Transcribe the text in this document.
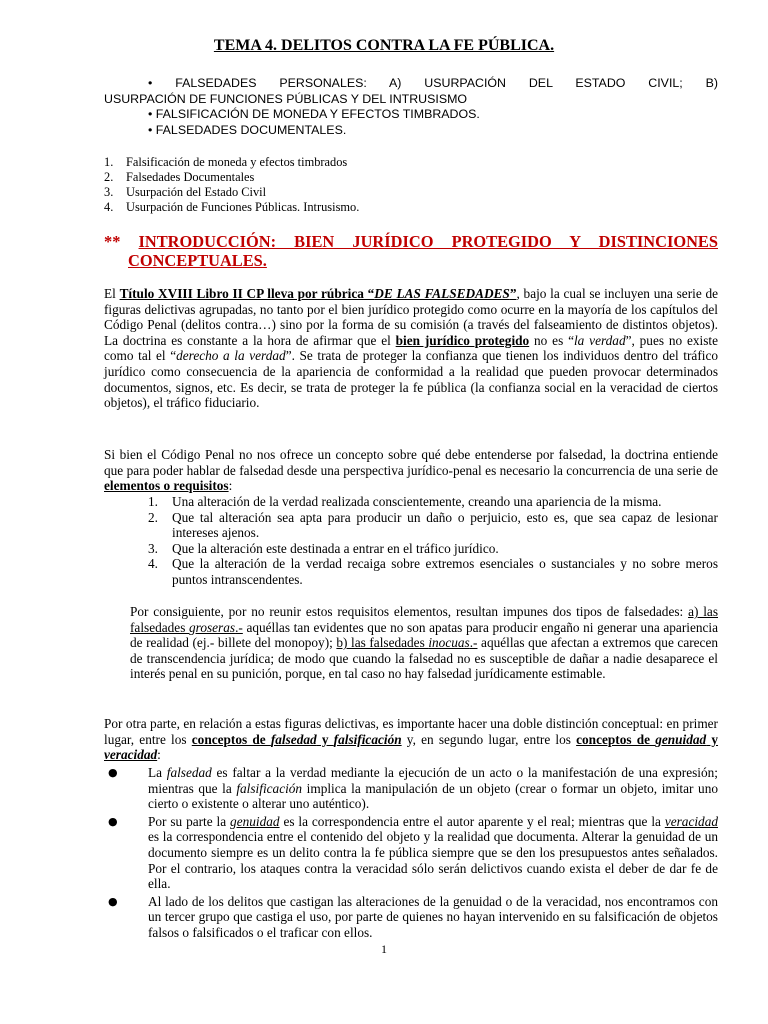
TEMA 4. DELITOS CONTRA LA FE PÚBLICA.
• FALSEDADES PERSONALES: A) USURPACIÓN DEL ESTADO CIVIL; B)
USURPACIÓN DE FUNCIONES PÚBLICAS Y DEL INTRUSISMO
• FALSIFICACIÓN DE MONEDA Y EFECTOS TIMBRADOS.
• FALSEDADES DOCUMENTALES.
1. Falsificación de moneda y efectos timbrados
2. Falsedades Documentales
3. Usurpación del Estado Civil
4. Usurpación de Funciones Públicas. Intrusismo.
** INTRODUCCIÓN: BIEN JURÍDICO PROTEGIDO Y DISTINCIONES
CONCEPTUALES.
El Título XVIII Libro II CP lleva por rúbrica “DE LAS FALSEDADES”, bajo la cual se incluyen una serie de figuras delictivas agrupadas, no tanto por el bien jurídico protegido como ocurre en la mayoría de los capítulos del Código Penal (delitos contra…) sino por la forma de su comisión (a través del falseamiento de distintos objetos). La doctrina es constante a la hora de afirmar que el bien jurídico protegido no es “la verdad”, pues no existe como tal el “derecho a la verdad”. Se trata de proteger la confianza que tienen los individuos dentro del tráfico jurídico como consecuencia de la apariencia de conformidad a la realidad que pueden provocar determinados documentos, signos, etc. Es decir, se trata de proteger la fe pública (la confianza social en la veracidad de ciertos objetos), el tráfico fiduciario.
Si bien el Código Penal no nos ofrece un concepto sobre qué debe entenderse por falsedad, la doctrina entiende que para poder hablar de falsedad desde una perspectiva jurídico-penal es necesario la concurrencia de una serie de elementos o requisitos:
1. Una alteración de la verdad realizada conscientemente, creando una apariencia de la misma.
2. Que tal alteración sea apta para producir un daño o perjuicio, esto es, que sea capaz de lesionar intereses ajenos.
3. Que la alteración este destinada a entrar en el tráfico jurídico.
4. Que la alteración de la verdad recaiga sobre extremos esenciales o sustanciales y no sobre meros puntos intranscendentes.
Por consiguiente, por no reunir estos requisitos elementos, resultan impunes dos tipos de falsedades: a) las falsedades groseras.- aquéllas tan evidentes que no son apatas para producir engaño ni generar una apariencia de realidad (ej.- billete del monopoy); b) las falsedades inocuas.- aquéllas que afectan a extremos que carecen de transcendencia jurídica; de modo que cuando la falsedad no es susceptible de dañar a nadie desaparece el interés penal en su punición, porque, en tal caso no hay falsedad jurídicamente estimable.
Por otra parte, en relación a estas figuras delictivas, es importante hacer una doble distinción conceptual: en primer lugar, entre los conceptos de falsedad y falsificación y, en segundo lugar, entre los conceptos de genuidad y veracidad:
● La falsedad es faltar a la verdad mediante la ejecución de un acto o la manifestación de una expresión; mientras que la falsificación implica la manipulación de un objeto (crear o formar un objeto, imitar uno cierto o existente o alterar uno auténtico).
● Por su parte la genuidad es la correspondencia entre el autor aparente y el real; mientras que la veracidad es la correspondencia entre el contenido del objeto y la realidad que documenta. Alterar la genuidad de un documento siempre es un delito contra la fe pública siempre que se den los presupuestos antes señalados. Por el contrario, los ataques contra la veracidad sólo serán delictivos cuando exista el deber de dar fe de ella.
● Al lado de los delitos que castigan las alteraciones de la genuidad o de la veracidad, nos encontramos con un tercer grupo que castiga el uso, por parte de quienes no hayan intervenido en su falsificación de objetos falsos o falsificados o el traficar con ellos.
1
